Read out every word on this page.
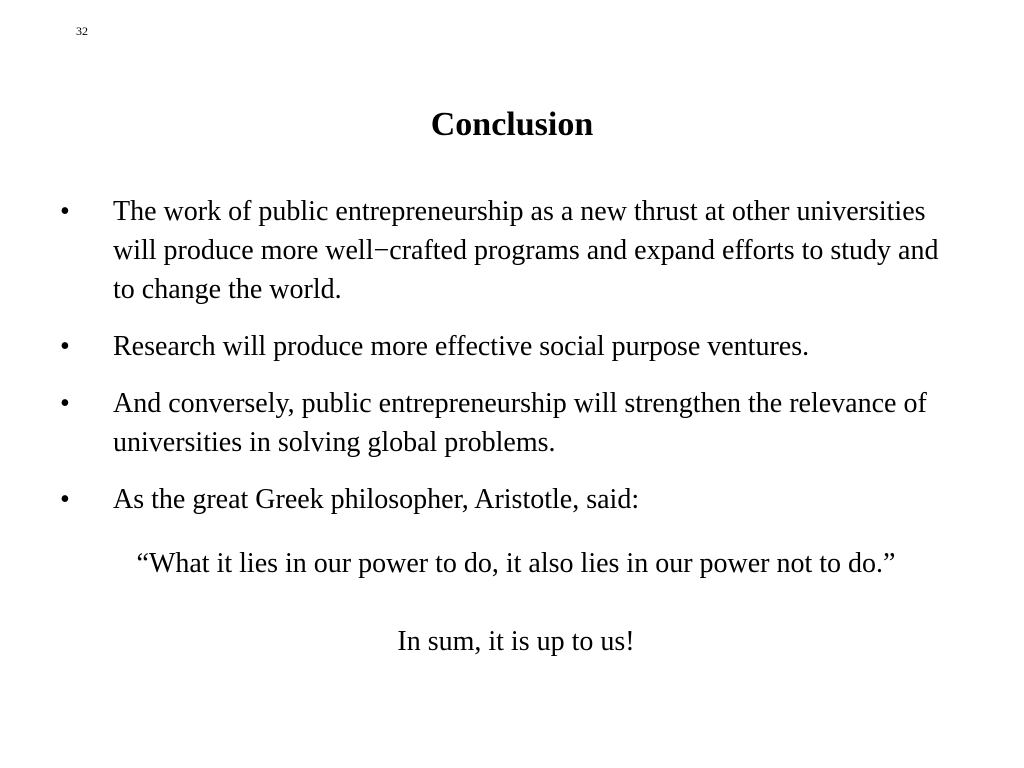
32
Conclusion
•	The work of public entrepreneurship as a new thrust at other universities will produce more well−crafted programs and expand efforts to study and to change the world.
•	Research will produce more effective social purpose ventures.
•	And conversely, public entrepreneurship will strengthen the relevance of universities in solving global problems.
•	As the great Greek philosopher, Aristotle, said:

“What it lies in our power to do, it also lies in our power not to do.”

In sum, it is up to us!
